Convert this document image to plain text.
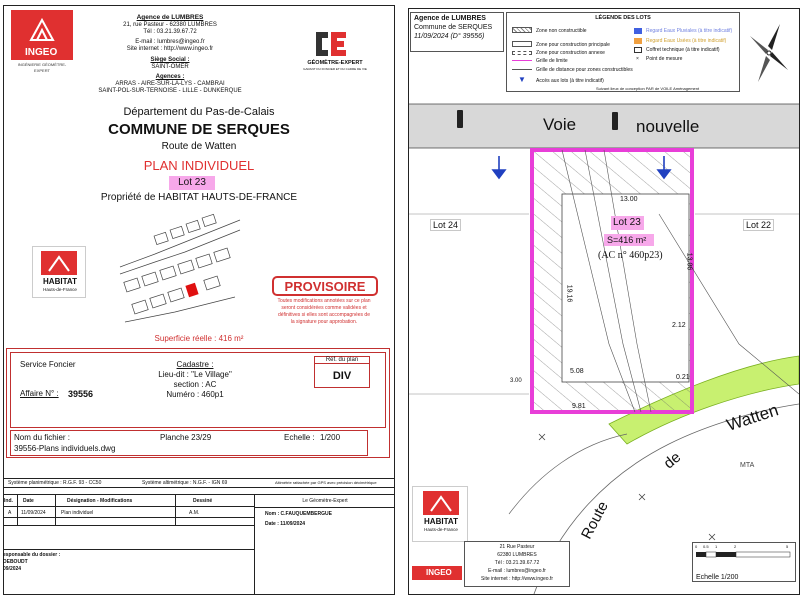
INGEO
INGÉNIERIE GÉOMÈTRE-EXPERT
Agence de LUMBRES
21, rue Pasteur - 62380 LUMBRES
Tél : 03.21.39.67.72
E-mail : lumbres@ingeo.fr
Site internet : http://www.ingeo.fr
Siège Social :
SAINT-OMER
Agences :
ARRAS - AIRE-SUR-LA-LYS - CAMBRAI
SAINT-POL-SUR-TERNOISE - LILLE - DUNKERQUE
GÉOMÈTRE-EXPERT
GARANT DU FONCIER ET DU CADRE DE VIE
Département du Pas-de-Calais
COMMUNE DE SERQUES
Route de Watten
PLAN INDIVIDUEL
Lot 23
Propriété de HABITAT HAUTS-DE-FRANCE
HABITAT
Hauts-de-France	PROVISOIRE
Toutes modifications annotées sur ce plan
seront considérées comme validées et
définitives si elles sont accompagnées de
la signature pour approbation.
Superficie réelle : 416 m²
Service Foncier
Affaire N° : 39556
Cadastre :
Lieu-dit : "Le Village"
section : AC
Numéro : 460p1
Réf. du plan
DIV
Nom du fichier :
39556-Plans individuels.dwg
Planche 23/29	Echelle : 1/200
Système planimétrique : R.G.F. 93 - CC50	Système altimétrique : N.G.F. - IGN 69	Altimétrie rattachée par GPS avec précision décimétrique
Ind. Date	Désignation - Modifications	Dessiné
A 11/09/2024	Plan individuel	A.M.
esponsable du dossier :
DEBOUDT
09/2024
Le Géomètre-Expert
Nom : C.FAUQUEMBERGUE
Date : 11/09/2024
Agence de LUMBRES
Commune de SERQUES
11/09/2024 (D° 39556)
LÉGENDE DES LOTS
Zone non constructible
Zone pour construction principale
Zone pour construction annexe
Grille de limite
Grille de distance pour zones constructibles
▼ Accès aux lots (à titre indicatif)
Regard Eaux Pluviales (à titre indicatif)
Regard Eaux Usées (à titre indicatif)
Coffret technique (à titre indicatif)
× Point de mesure
Suivant lieux de conception PAR de VOILE Aménagement
Voie	nouvelle
Lot 24	Lot 22
Lot 23
S=416 m²
(AC n° 460p23)
13.00
19.16
13.06
2.12
5.08
9.81
0.21
3.00
MTA
Route
de
Watten
HABITAT
Hauts-de-France
INGEO
21 Rue Pasteur
62380 LUMBRES
Tél : 03.21.39.67.72
E-mail : lumbres@ingeo.fr
Site internet : http://www.ingeo.fr
0 0.5 1	2	5
Echelle 1/200
